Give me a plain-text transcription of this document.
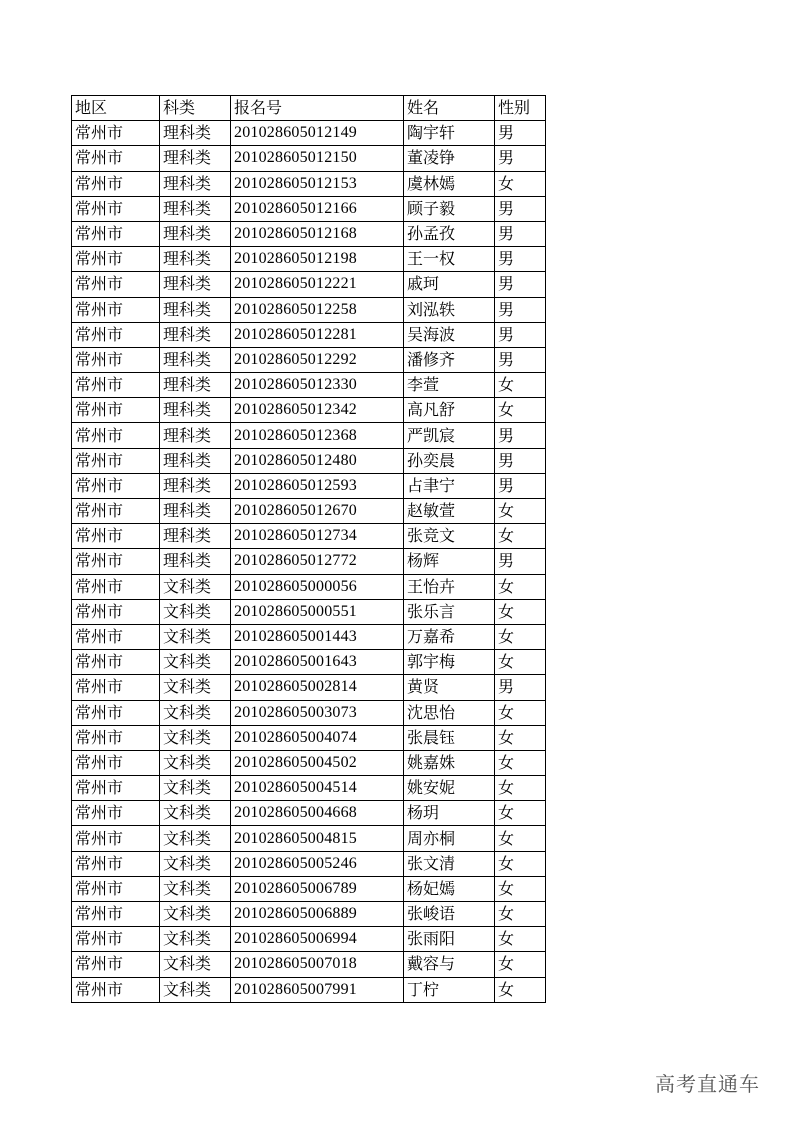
地区	科类	报名号	姓名	性别
常州市	理科类	201028605012149	陶宇轩	男
常州市	理科类	201028605012150	董凌铮	男
常州市	理科类	201028605012153	虞林嫣	女
常州市	理科类	201028605012166	顾子毅	男
常州市	理科类	201028605012168	孙孟孜	男
常州市	理科类	201028605012198	王一权	男
常州市	理科类	201028605012221	戚珂	男
常州市	理科类	201028605012258	刘泓轶	男
常州市	理科类	201028605012281	吴海波	男
常州市	理科类	201028605012292	潘修齐	男
常州市	理科类	201028605012330	李萱	女
常州市	理科类	201028605012342	高凡舒	女
常州市	理科类	201028605012368	严凯宸	男
常州市	理科类	201028605012480	孙奕晨	男
常州市	理科类	201028605012593	占聿宁	男
常州市	理科类	201028605012670	赵敏萱	女
常州市	理科类	201028605012734	张竞文	女
常州市	理科类	201028605012772	杨辉	男
常州市	文科类	201028605000056	王怡卉	女
常州市	文科类	201028605000551	张乐言	女
常州市	文科类	201028605001443	万嘉希	女
常州市	文科类	201028605001643	郭宇梅	女
常州市	文科类	201028605002814	黄贤	男
常州市	文科类	201028605003073	沈思怡	女
常州市	文科类	201028605004074	张晨钰	女
常州市	文科类	201028605004502	姚嘉姝	女
常州市	文科类	201028605004514	姚安妮	女
常州市	文科类	201028605004668	杨玥	女
常州市	文科类	201028605004815	周亦桐	女
常州市	文科类	201028605005246	张文清	女
常州市	文科类	201028605006789	杨妃嫣	女
常州市	文科类	201028605006889	张峻语	女
常州市	文科类	201028605006994	张雨阳	女
常州市	文科类	201028605007018	戴容与	女
常州市	文科类	201028605007991	丁柠	女
高考直通车
